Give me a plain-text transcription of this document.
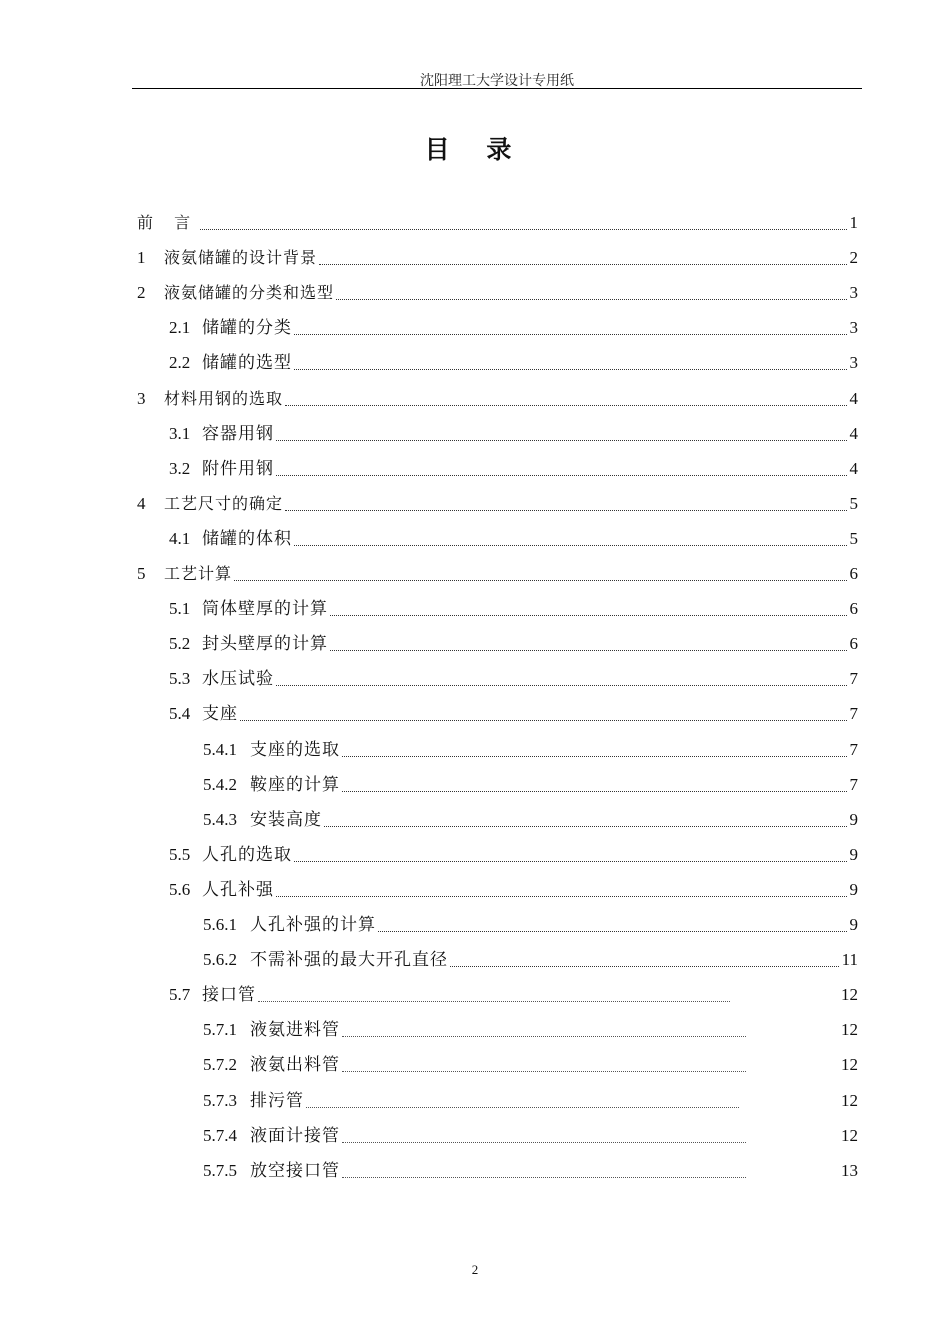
沈阳理工大学设计专用纸
目 录
前 言	1
1	液氨储罐的设计背景	2
2	液氨储罐的分类和选型	3
2.1 储罐的分类	3
2.2 储罐的选型	3
3	材料用钢的选取	4
3.1 容器用钢	4
3.2 附件用钢	4
4	工艺尺寸的确定	5
4.1 储罐的体积	5
5	工艺计算	6
5.1 筒体壁厚的计算	6
5.2 封头壁厚的计算	6
5.3 水压试验	7
5.4 支座	7
5.4.1 支座的选取	7
5.4.2 鞍座的计算	7
5.4.3 安装高度	9
5.5 人孔的选取	9
5.6 人孔补强	9
5.6.1 人孔补强的计算	9
5.6.2 不需补强的最大开孔直径	11
5.7 接口管	12
5.7.1 液氨进料管	12
5.7.2 液氨出料管	12
5.7.3 排污管	12
5.7.4 液面计接管	12
5.7.5 放空接口管	13
2
